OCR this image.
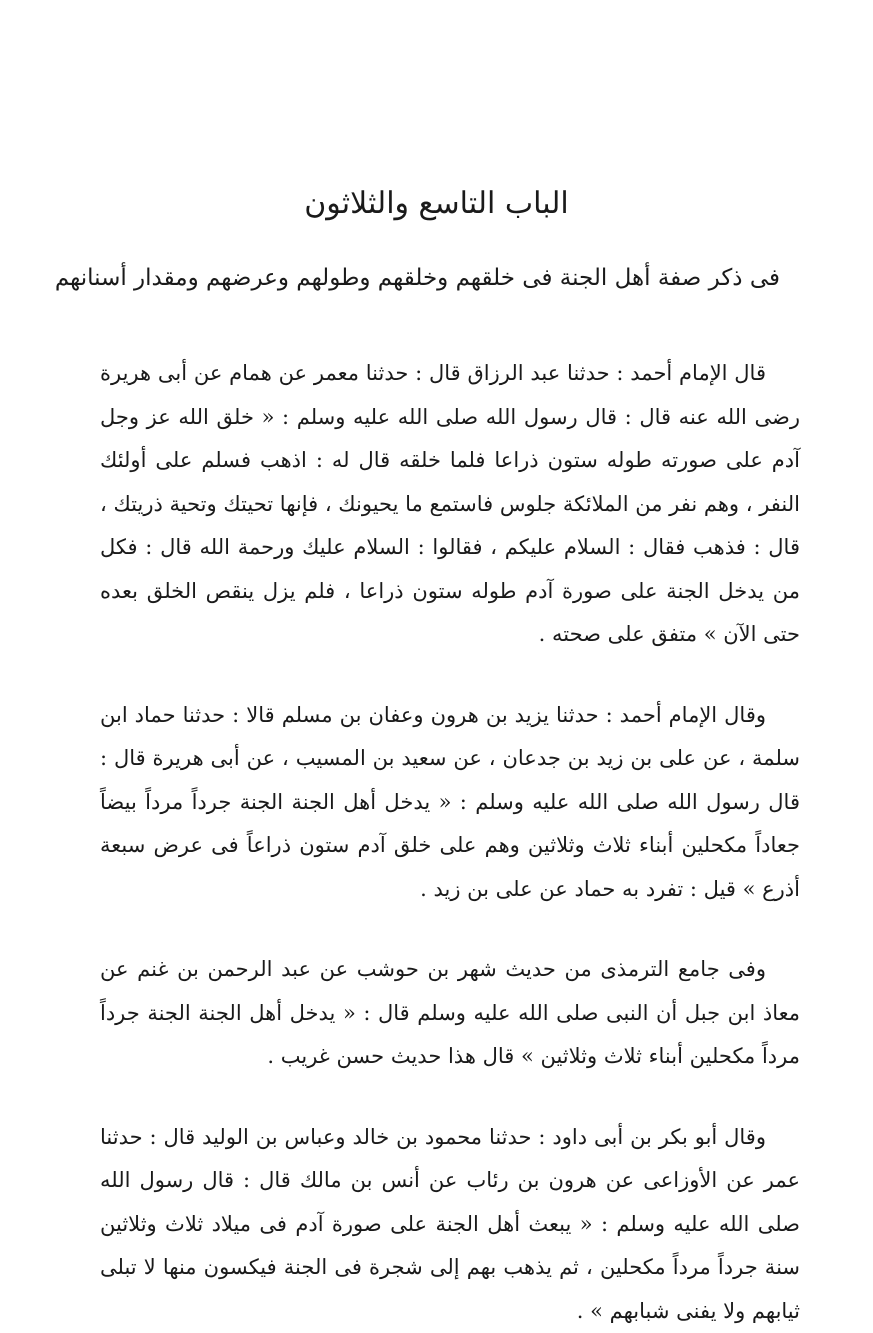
الباب التاسع والثلاثون
فى ذكر صفة أهل الجنة فى خلقهم وخلقهم وطولهم وعرضهم ومقدار أسنانهم

قال الإمام أحمد : حدثنا عبد الرزاق قال : حدثنا معمر عن همام عن أبى هريرة رضى الله عنه قال : قال رسول الله صلى الله عليه وسلم : « خلق الله عز وجل آدم على صورته طوله ستون ذراعا فلما خلقه قال له : اذهب فسلم على أولئك النفر ، وهم نفر من الملائكة جلوس فاستمع ما يحيونك ، فإنها تحيتك وتحية ذريتك ، قال : فذهب فقال : السلام عليكم ، فقالوا : السلام عليك ورحمة الله قال : فكل من يدخل الجنة على صورة آدم طوله ستون ذراعا ، فلم يزل ينقص الخلق بعده حتى الآن » متفق على صحته .

وقال الإمام أحمد : حدثنا يزيد بن هرون وعفان بن مسلم قالا : حدثنا حماد ابن سلمة ، عن على بن زيد بن جدعان ، عن سعيد بن المسيب ، عن أبى هريرة قال : قال رسول الله صلى الله عليه وسلم : « يدخل أهل الجنة الجنة جرداً مرداً بيضاً جعاداً مكحلين أبناء ثلاث وثلاثين وهم على خلق آدم ستون ذراعاً فى عرض سبعة أذرع » قيل : تفرد به حماد عن على بن زيد .

وفى جامع الترمذى من حديث شهر بن حوشب عن عبد الرحمن بن غنم عن معاذ ابن جبل أن النبى صلى الله عليه وسلم قال : « يدخل أهل الجنة الجنة جرداً مرداً مكحلين أبناء ثلاث وثلاثين » قال هذا حديث حسن غريب .

وقال أبو بكر بن أبى داود : حدثنا محمود بن خالد وعباس بن الوليد قال : حدثنا عمر عن الأوزاعى عن هرون بن رئاب عن أنس بن مالك قال : قال رسول الله صلى الله عليه وسلم : « يبعث أهل الجنة على صورة آدم فى ميلاد ثلاث وثلاثين سنة جرداً مرداً مكحلين ، ثم يذهب بهم إلى شجرة فى الجنة فيكسون منها لا تبلى ثيابهم ولا يفنى شبابهم » .
